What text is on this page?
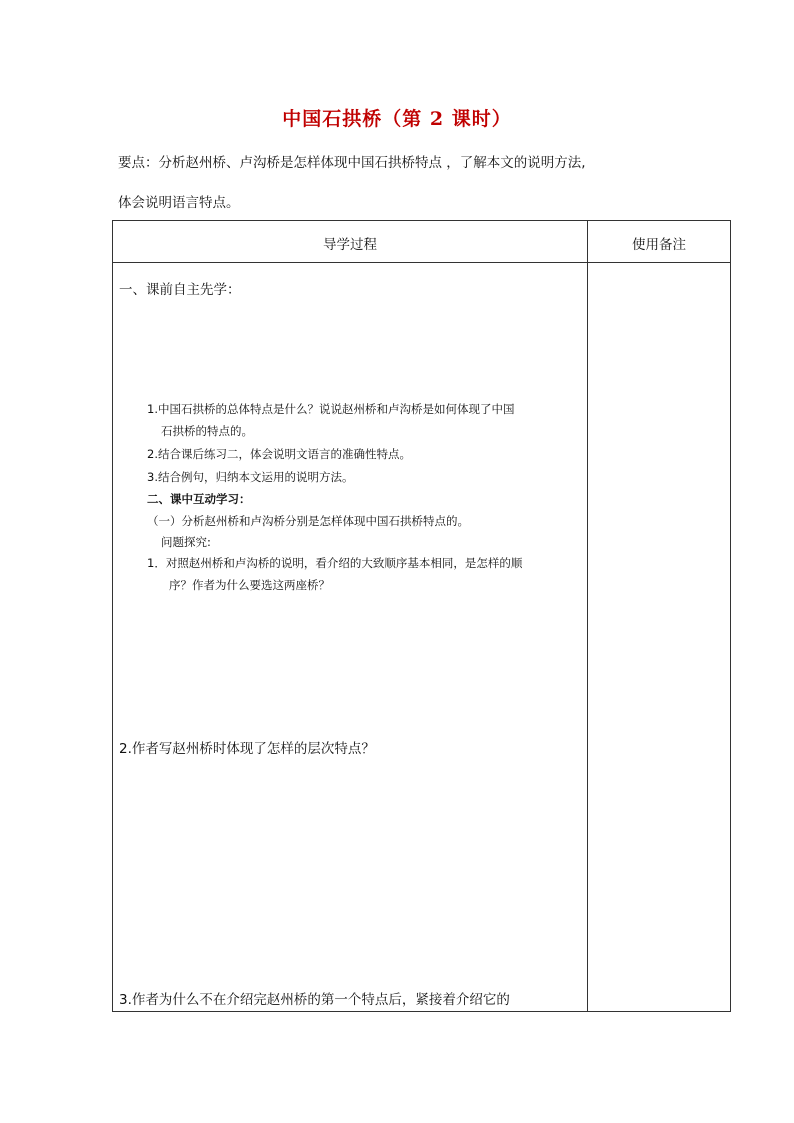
中国石拱桥（第 2 课时）
要点：分析赵州桥、卢沟桥是怎样体现中国石拱桥特点 ，了解本文的说明方法,
体会说明语言特点。
导学过程	使用备注
一、课前自主先学：
1.中国石拱桥的总体特点是什么？说说赵州桥和卢沟桥是如何体现了中国
石拱桥的特点的。
2.结合课后练习二，体会说明文语言的准确性特点。
3.结合例句，归纳本文运用的说明方法。
二、课中互动学习：
（一）分析赵州桥和卢沟桥分别是怎样体现中国石拱桥特点的。
问题探究:
1．对照赵州桥和卢沟桥的说明，看介绍的大致顺序基本相同，是怎样的顺
序？作者为什么要选这两座桥？
2.作者写赵州桥时体现了怎样的层次特点？
3.作者为什么不在介绍完赵州桥的第一个特点后，紧接着介绍它的
